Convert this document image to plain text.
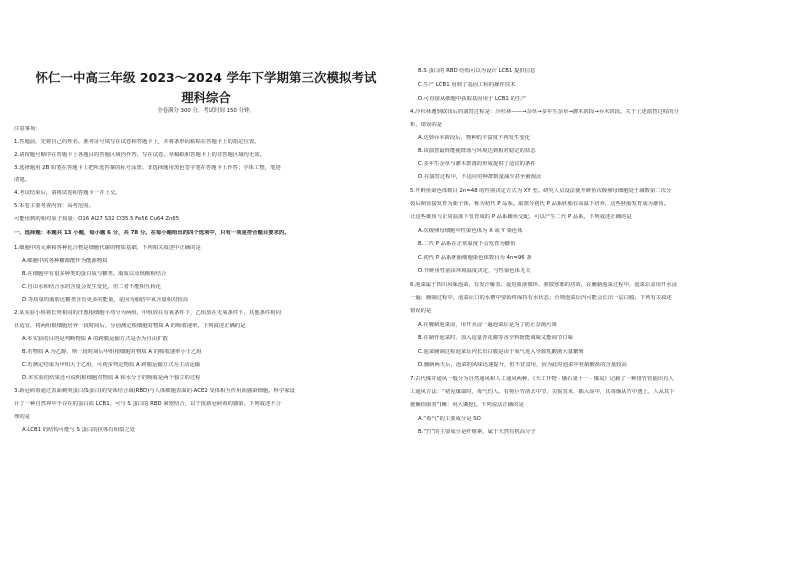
怀仁一中高三年级 2023～2024 学年下学期第三次模拟考试
理科综合
全卷满分 300 分，考试时间 150 分钟。
注意事项：
1.答题前，先将自己的姓名、准考证号填写在试卷和答题卡上，并将条形码粘贴在答题卡上的指定位置。
2.请按题号顺序在答题卡上各题目的答题区域内作答，写在试卷、草稿纸和答题卡上的非答题区域均无效。
3.选择题用 2B 铅笔在答题卡上把所选答案的标号涂黑；非选择题用黑色签字笔在答题卡上作答；字体工整，笔迹
清楚。
4.考试结束后，请将试卷和答题卡一并上交。
5.本卷主要考查内容：高考范围。
可能用到的相对原子质量：O16 Al27 S32 Cl35.5 Fe56 Cu64 Zn65
一、选择题：本题共 13 小题，每小题 6 分，共 78 分。在每小题给出的四个选项中，只有一项是符合题目要求的。
1.细胞中的元素和各种化合物是细胞代谢的物质基础，下列相关叙述中正确的是
A.细胞中的各种糖都能作为能源物质
B.在细胞中有很多种类的蛋白质与糖类、脂质以及核酸相结合
C.自由水和结合水的含量会发生变化，但二者不能相互转化
D.等质量的脂肪比糖类含有更多的能量，是因为脂肪中氧含量相对较高
2.某实验小组将长势相同的洋葱根细胞平均分为两组，甲组放在有氧条件下，乙组放在无氧条件下，其他条件相同
且适宜，将两组根细胞培养一段时间后，分别测定根细胞对物质 A 的吸收速率。下列叙述正确的是
A.本实验的目的是判断物质 A 的跨膜运输方式是否为自由扩散
B.若物质 A 为乙醇，则一段时间后甲组根细胞对物质 A 的吸收速率小于乙组
C.若测定结果为甲组大于乙组，可初步判定物质 A 跨膜运输方式为主动运输
D.本实验的结果还可说明根细胞对物质 A 和水分子的吸收是两个独立的过程
3.新冠病毒通过表面刺突蛋白(S蛋白)的受体结合域(RBD)与人体细胞表面的 ACE2 受体相互作用而感染细胞。科学家设
计了一种自然界中不存在的蛋白质 LCB1，可与 S 蛋白的 RBD 紧密结合，以干扰新冠病毒的感染。下列叙述不合
理的是
A.LCB1 的结构可能与 S 蛋白的抗体有相似之处
B.S 蛋白的 RBD 结构可以为设计 LCB1 提供信息
C.生产 LCB1 用到了基因工程的操作技术
D.可直接从细胞中获取基因用于 LCB1 的生产
4.冷杉林遭到砍伐后的演替过程是：冷杉林——→杂草→多年生杂草→灌木阶段→乔木阶段。关于上述演替过程的分
析，错误的是
A.达到乔木阶段后，物种的丰富度不再发生变化
B.该演替最终能使群落与环境达到相对稳定的状态
C.多年生杂草与灌木群落的形成提供了适宜的条件
D.在演替过程中，不适应的种群数量减少甚至被淘汰
5.开鲜鱼染色体数目 2n=48 的性别决定方式为 XY 型。研究人员设法使开鲜鱼次级卵母细胞处于减数第二次分
裂后期直接发育为新个体，称为初代 P 品系。取部分初代 P 品系胚胎在高温下培养，这些胚胎发育成为雄鱼。
让这些雄鱼与正常温度下发育成的 P 品系雌鱼交配，可以产生二代 P 品系。下列叙述正确的是
A.次级卵母细胞中性染色体为 X 或 Y 染色体
B.二代 P 品系在正常温度下会发育为雌鱼
C.初代 P 品系胚胎细胞染色体数目为 4n=96 条
D.开鲜鱼性别由环境温度决定，与性染色体无关
6.泡菜属于四川风味泡菜，有发汗解表、促进血液循环、驱散寒邪的功效。在腌制泡菜过程中，泡菜坛盖用开水浸
一遍；腌制过程中，泡菜坛口的水槽中要始终保持有水状态；否则泡菜坛内可能会长出一层白膜。下列有关叙述
错误的是
A.在腌制泡菜前，用开水浸一遍泡菜坛是为了防止杂菌污染
B.在制作泡菜时，加入适量青花椒等香辛料既能调味又能调节口味
C.泡菜腌制过程泡菜坛内长出白膜是由于氧气进入导致乳酸菌大量繁殖
D.腌制两天后，泡菜的风味迅速提升，但不宜食用，因为此时泡菜中亚硝酸盐的含量较高
7.古代煤井通风一般分为自然通风和人工通风两种。《天工开物 · 燔石第十一 · 煤炭》记载了一种排竹管抽出有人
工通风方法：“初见煤端时，毒气灼人。有将巨竹凿去中节，尖锐其末，插入炭中，其毒烟从竹中透上，人从其下
施镢拾取者”(镢：用大锄挖)。下列说法正确的是
A.“毒气”的主要成分是 SO
B.“竹”的主要成分是纤维素，属于天然有机高分子
